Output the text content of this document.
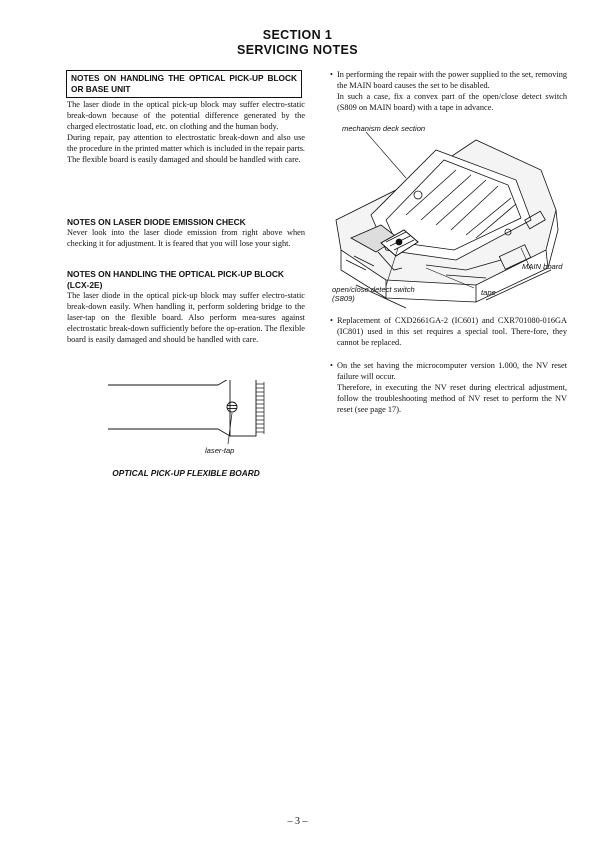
SECTION 1
SERVICING NOTES
NOTES ON HANDLING THE OPTICAL PICK-UP BLOCK OR BASE UNIT

The laser diode in the optical pick-up block may suffer electro-static break-down because of the potential difference generated by the charged electrostatic load, etc. on clothing and the human body.

During repair, pay attention to electrostatic break-down and also use the procedure in the printed matter which is included in the repair parts.

The flexible board is easily damaged and should be handled with care.

NOTES ON LASER DIODE EMISSION CHECK

Never look into the laser diode emission from right above when checking it for adjustment. It is feared that you will lose your sight.

NOTES ON HANDLING THE OPTICAL PICK-UP BLOCK
(LCX-2E)

The laser diode in the optical pick-up block may suffer electro-static break-down easily. When handling it, perform soldering bridge to the laser-tap on the flexible board. Also perform mea-sures against electrostatic break-down sufficiently before the op-eration. The flexible board is easily damaged and should be handled with care.

laser-tap
OPTICAL PICK-UP FLEXIBLE BOARD
• In performing the repair with the power supplied to the set, removing the MAIN board causes the set to be disabled.

In such a case, fix a convex part of the open/close detect switch (S809 on MAIN board) with a tape in advance.

mechanism deck section
MAIN board
open/close detect switch
(S809)
tape
• Replacement of CXD2661GA-2 (IC601) and CXR701080-016GA (IC801) used in this set requires a special tool. There-fore, they cannot be replaced.

• On the set having the microcomputer version 1.000, the NV reset failure will occur.

Therefore, in executing the NV reset during electrical adjustment, follow the troubleshooting method of NV reset to perform the NV reset (see page 17).

– 3 –
